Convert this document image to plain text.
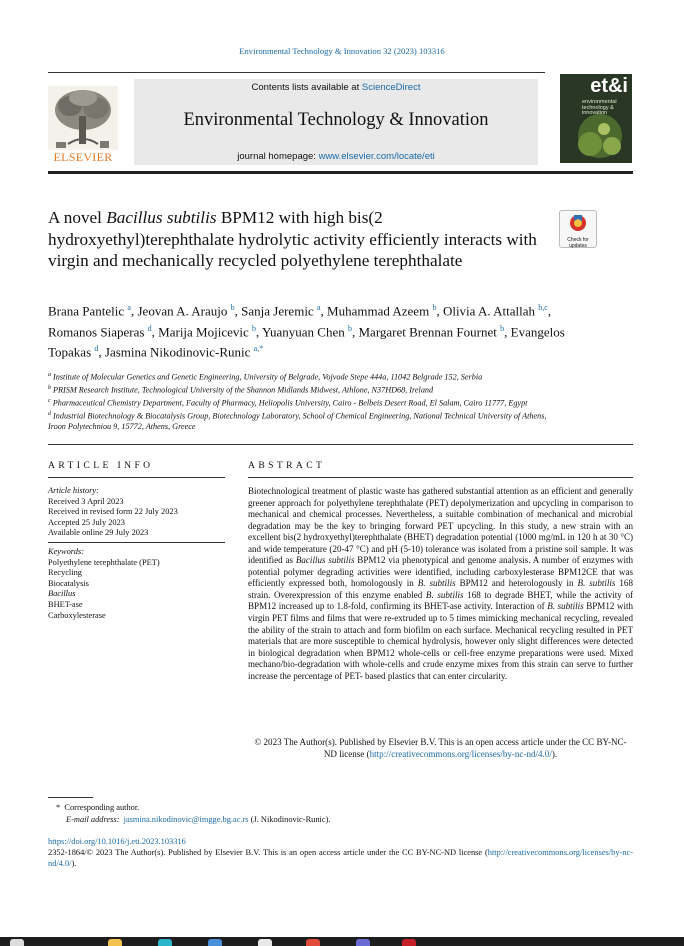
Environmental Technology & Innovation 32 (2023) 103316
ELSEVIER
Contents lists available at ScienceDirect
Environmental Technology & Innovation
journal homepage: www.elsevier.com/locate/eti
et&i
environmental
technology &
innovation
A novel Bacillus subtilis BPM12 with high bis(2 hydroxyethyl)terephthalate hydrolytic activity efficiently interacts with virgin and mechanically recycled polyethylene terephthalate
Check for updates
Brana Pantelic $^a$, Jeovan A. Araujo $^b$, Sanja Jeremic $^a$, Muhammad Azeem $^b$, Olivia A. Attallah $^{b,c}$, Romanos Siaperas $^d$, Marija Mojicevic $^b$, Yuanyuan Chen $^b$, Margaret Brennan Fournet $^b$, Evangelos Topakas $^d$, Jasmina Nikodinovic-Runic $^{a,*}$
$^a$ Institute of Molecular Genetics and Genetic Engineering, University of Belgrade, Vojvode Stepe 444a, 11042 Belgrade 152, Serbia
$^b$ PRISM Research Institute, Technological University of the Shannon Midlands Midwest, Athlone, N37HD68, Ireland
$^c$ Pharmaceutical Chemistry Department, Faculty of Pharmacy, Heliopolis University, Cairo - Belbeis Desert Road, El Salam, Cairo 11777, Egypt
$^d$ Industrial Biotechnology & Biocatalysis Group, Biotechnology Laboratory, School of Chemical Engineering, National Technical University of Athens, Iroon Polytechniou 9, 15772, Athens, Greece
ARTICLE INFO
Article history:
Received 3 April 2023
Received in revised form 22 July 2023
Accepted 25 July 2023
Available online 29 July 2023
Keywords:
Polyethylene terephthalate (PET)
Recycling
Biocatalysis
Bacillus
BHET-ase
Carboxylesterase
ABSTRACT
Biotechnological treatment of plastic waste has gathered substantial attention as an efficient and generally greener approach for polyethylene terephthalate (PET) depolymerization and upcycling in comparison to mechanical and chemical processes. Nevertheless, a suitable combination of mechanical and microbial degradation may be the key to bringing forward PET upcycling. In this study, a new strain with an excellent bis(2 hydroxyethyl)terephthalate (BHET) degradation potential (1000 mg/mL in 120 h at 30 °C) and wide temperature (20-47 °C) and pH (5-10) tolerance was isolated from a pristine soil sample. It was identified as Bacillus subtilis BPM12 via phenotypical and genome analysis. A number of enzymes with potential polymer degrading activities were identified, including carboxylesterase BPM12CE that was efficiently expressed both, homologously in B. subtilis BPM12 and heterologously in B. subtilis 168 strain. Overexpression of this enzyme enabled B. subtilis 168 to degrade BHET, while the activity of BPM12 increased up to 1.8-fold, confirming its BHET-ase activity. Interaction of B. subtilis BPM12 with virgin PET films and films that were re-extruded up to 5 times mimicking mechanical recycling, revealed the ability of the strain to attach and form biofilm on each surface. Mechanical recycling resulted in PET materials that are more susceptible to chemical hydrolysis, however only slight differences were detected in biological degradation when BPM12 whole-cells or cell-free enzyme preparations were used. Mixed mechano/bio-degradation with whole-cells and crude enzyme mixes from this strain can serve to further increase the percentage of PET- based plastics that can enter circularity.
© 2023 The Author(s). Published by Elsevier B.V. This is an open access article under the CC BY-NC-ND license (http://creativecommons.org/licenses/by-nc-nd/4.0/).
* Corresponding author.
E-mail address: jasmina.nikodinovic@imgge.bg.ac.rs (J. Nikodinovic-Runic).
https://doi.org/10.1016/j.eti.2023.103316
2352-1864/© 2023 The Author(s). Published by Elsevier B.V. This is an open access article under the CC BY-NC-ND license (http://creativecommons.org/licenses/by-nc-nd/4.0/).
